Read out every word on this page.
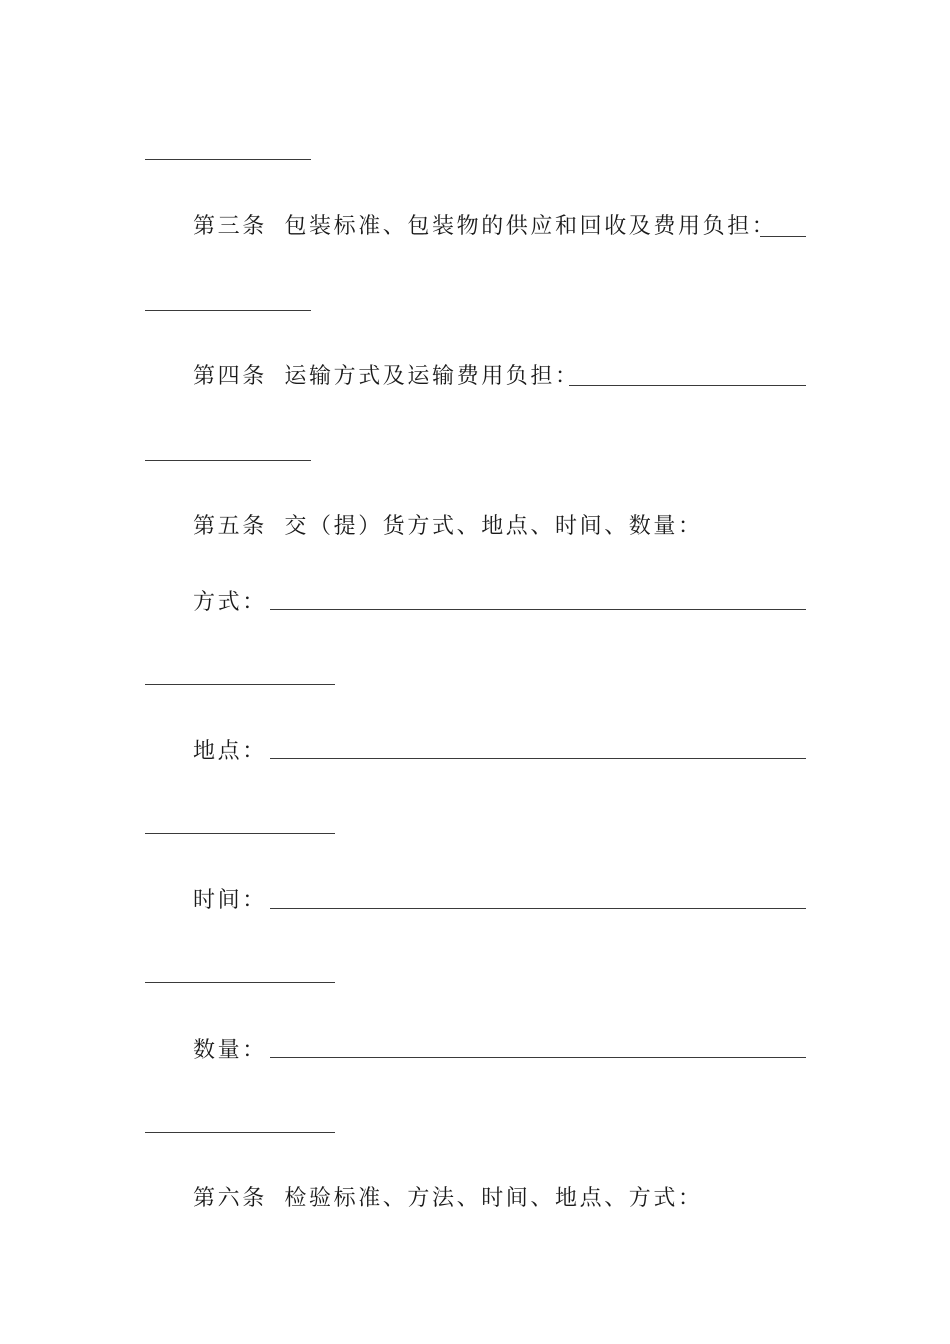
第三条 包装标准、包装物的供应和回收及费用负担：
第四条 运输方式及运输费用负担：
第五条 交（提）货方式、地点、时间、数量：
方式：
地点：
时间：
数量：
第六条 检验标准、方法、时间、地点、方式：
